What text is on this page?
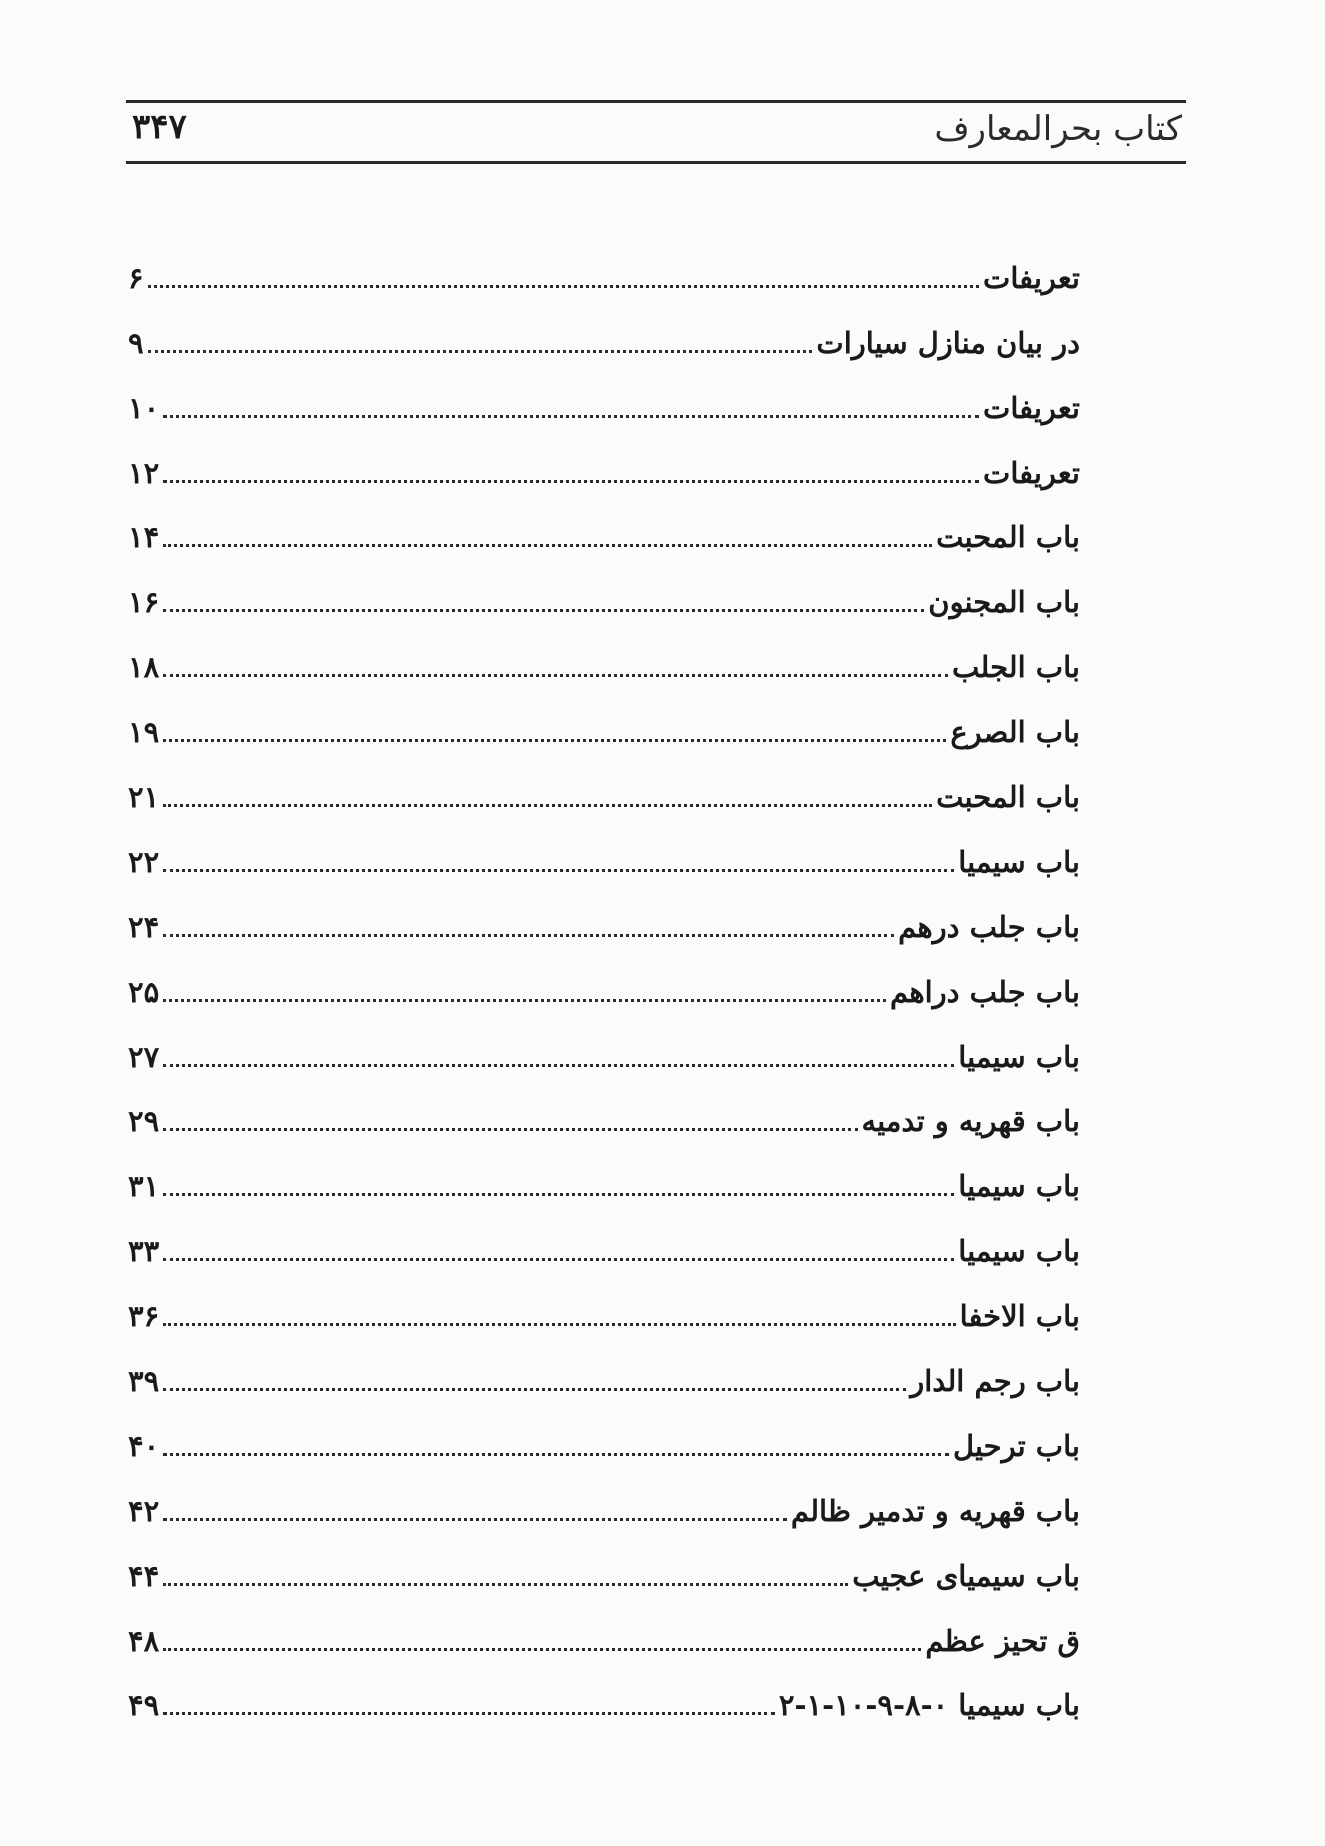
کتاب بحرالمعارف
۳۴۷
۶	تعریفات
۹	در بیان منازل سیارات
۱۰	تعریفات
۱۲	تعریفات
۱۴	باب المحبت
۱۶	باب المجنون
۱۸	باب الجلب
۱۹	باب الصرع
۲۱	باب المحبت
۲۲	باب سیمیا
۲۴	باب جلب درهم
۲۵	باب جلب دراهم
۲۷	باب سیمیا
۲۹	باب قهریه و تدمیه
۳۱	باب سیمیا
۳۳	باب سیمیا
۳۶	باب الاخفا
۳۹	باب رجم الدار
۴۰	باب ترحیل
۴۲	باب قهریه و تدمیر ظالم
۴۴	باب سیمیای عجیب
۴۸	ق تحیز عظم
۴۹	باب سیمیا ۰-۸-۹-۱۰-۱-۲
